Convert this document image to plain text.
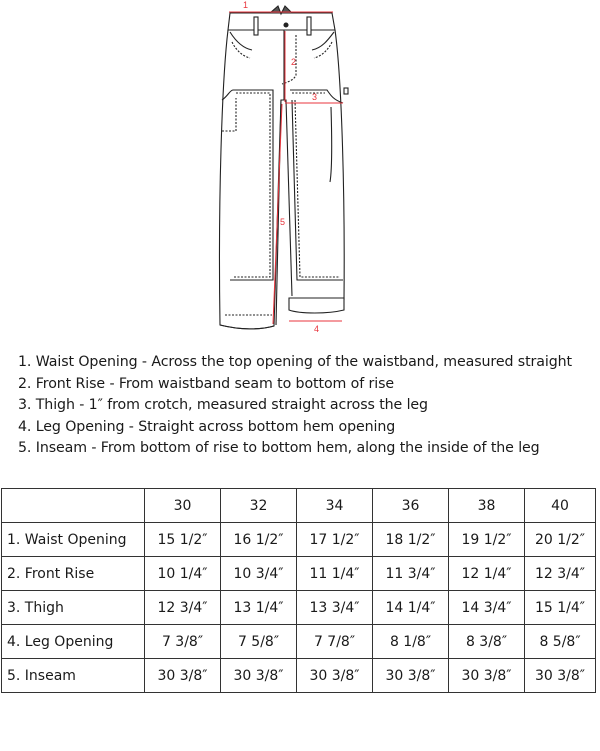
1
2
3
4
5
1. Waist Opening - Across the top opening of the waistband, measured straight
2. Front Rise - From waistband seam to bottom of rise
3. Thigh - 1″ from crotch, measured straight across the leg
4. Leg Opening - Straight across bottom hem opening
5. Inseam - From bottom of rise to bottom hem, along the inside of the leg
	30	32	34	36	38	40
1. Waist Opening	15 1/2″	16 1/2″	17 1/2″	18 1/2″	19 1/2″	20 1/2″
2. Front Rise	10 1/4″	10 3/4″	11 1/4″	11 3/4″	12 1/4″	12 3/4″
3. Thigh	12 3/4″	13 1/4″	13 3/4″	14 1/4″	14 3/4″	15 1/4″
4. Leg Opening	7 3/8″	7 5/8″	7 7/8″	8 1/8″	8 3/8″	8 5/8″
5. Inseam	30 3/8″	30 3/8″	30 3/8″	30 3/8″	30 3/8″	30 3/8″
